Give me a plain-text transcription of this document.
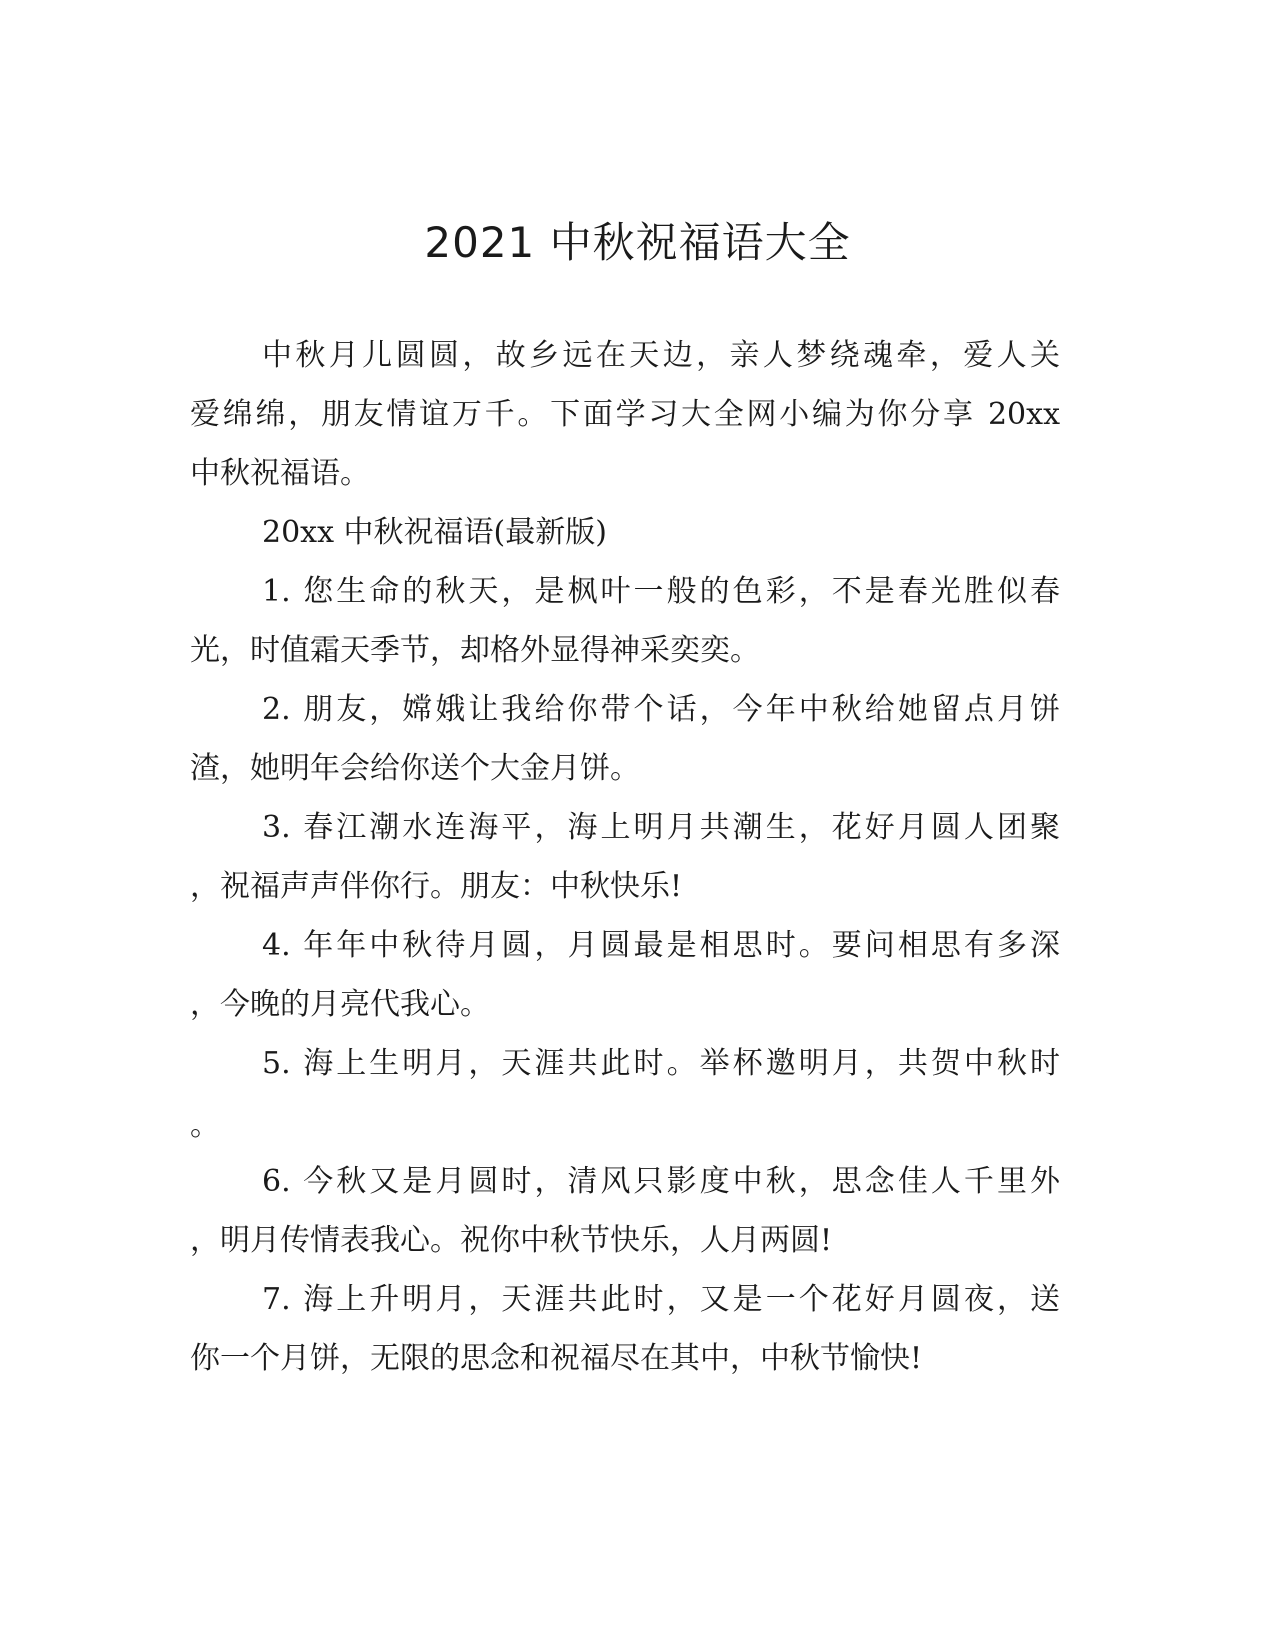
2021 中秋祝福语大全

中秋月儿圆圆，故乡远在天边，亲人梦绕魂牵，爱人关

爱绵绵，朋友情谊万千。下面学习大全网小编为你分享 20xx

中秋祝福语。

20xx 中秋祝福语(最新版)

1. 您生命的秋天，是枫叶一般的色彩，不是春光胜似春

光，时值霜天季节，却格外显得神采奕奕。

2. 朋友，嫦娥让我给你带个话，今年中秋给她留点月饼

渣，她明年会给你送个大金月饼。

3. 春江潮水连海平，海上明月共潮生，花好月圆人团聚

，祝福声声伴你行。朋友：中秋快乐!

4. 年年中秋待月圆，月圆最是相思时。要问相思有多深

，今晚的月亮代我心。

5. 海上生明月，天涯共此时。举杯邀明月，共贺中秋时

。

6. 今秋又是月圆时，清风只影度中秋，思念佳人千里外

，明月传情表我心。祝你中秋节快乐，人月两圆!

7. 海上升明月，天涯共此时，又是一个花好月圆夜，送

你一个月饼，无限的思念和祝福尽在其中，中秋节愉快!
